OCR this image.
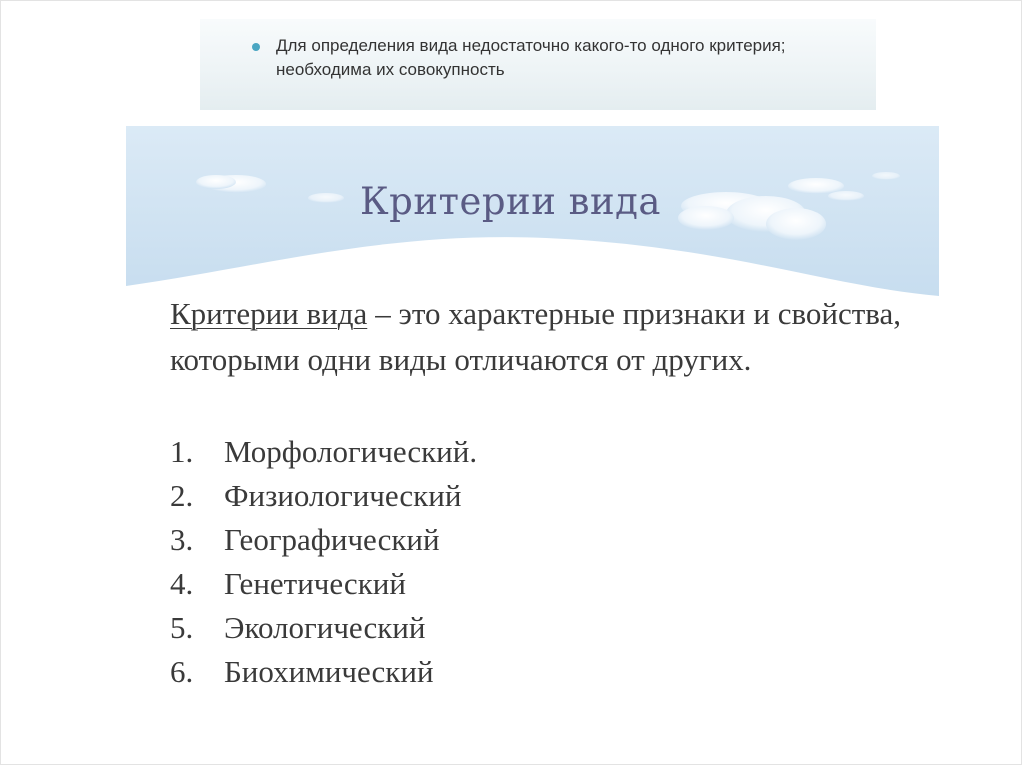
Для определения вида недостаточно какого-то одного критерия; необходима их совокупность

Критерии вида

Критерии вида – это характерные признаки и свойства, которыми одни виды отличаются от других.

1. Морфологический.
2. Физиологический
3. Географический
4. Генетический
5. Экологический
6. Биохимический
